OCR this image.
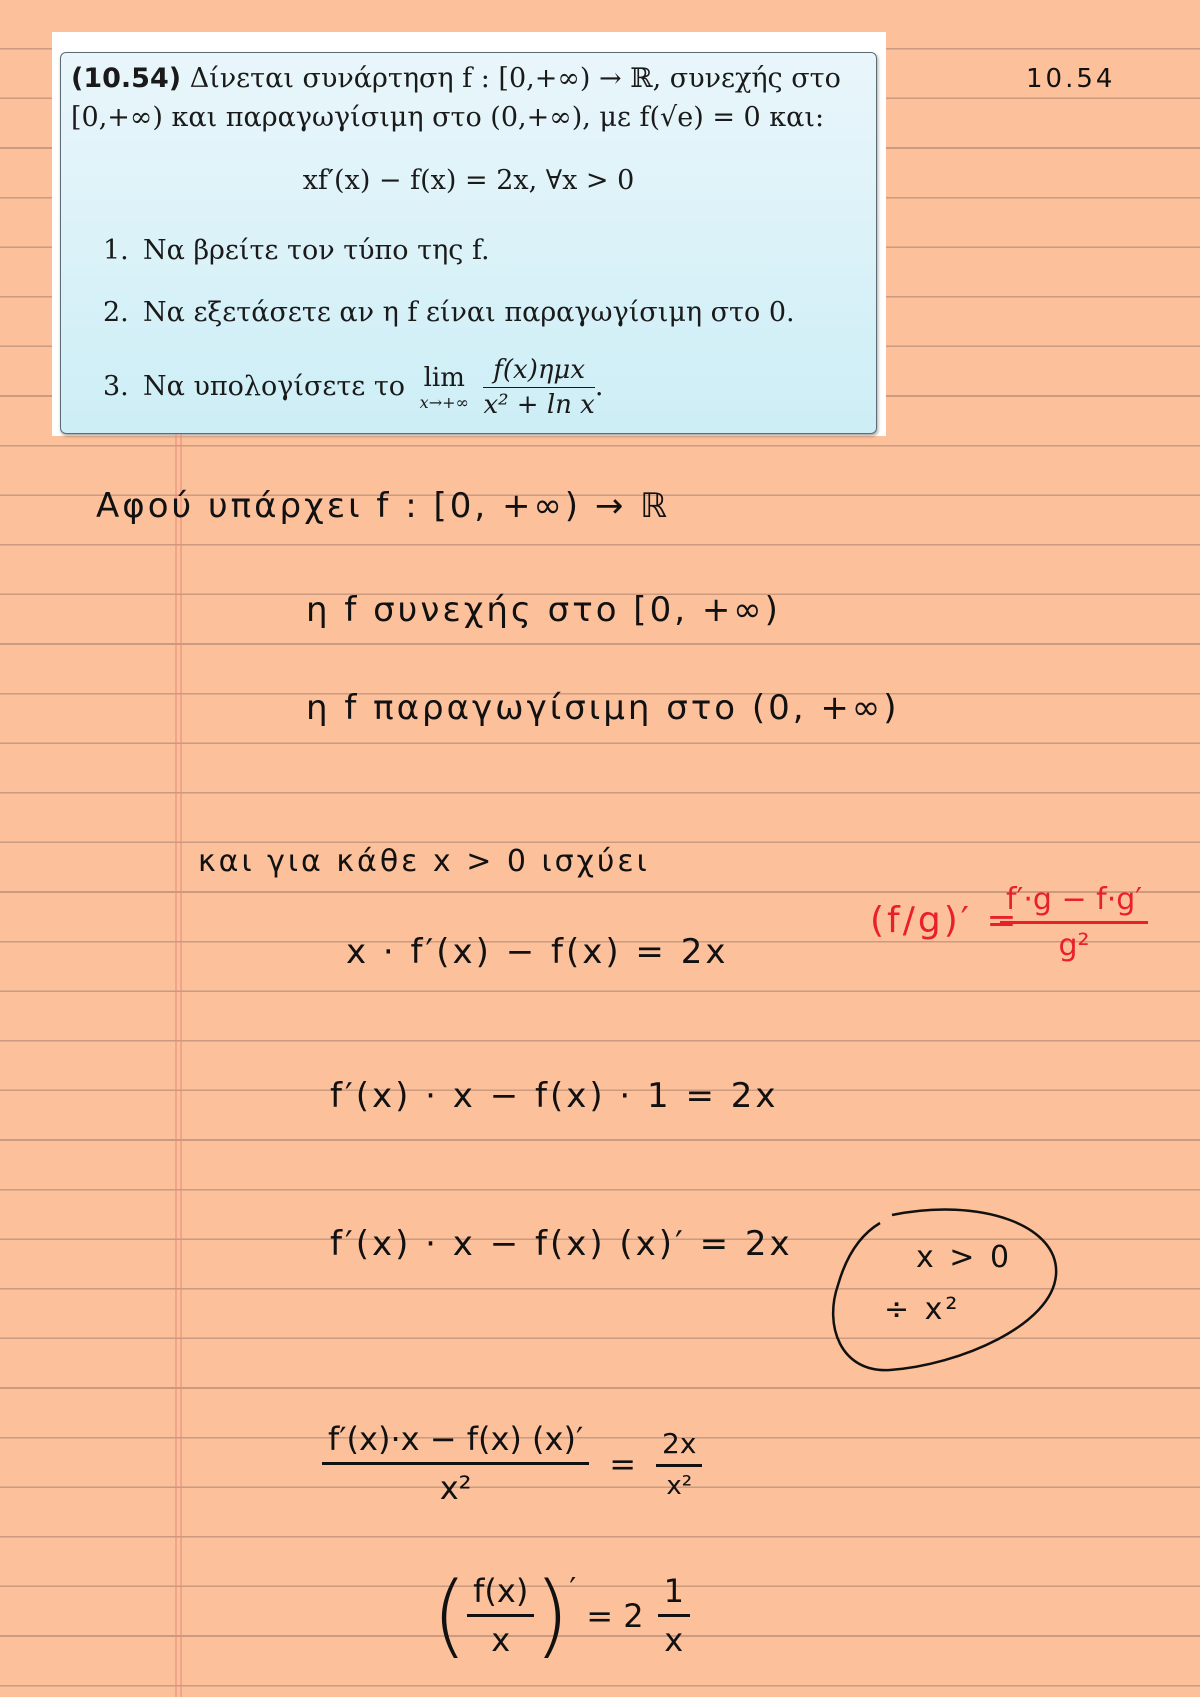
(10.54) Δίνεται συνάρτηση f : [0,+∞) → ℝ, συνεχής στο
[0,+∞) και παραγωγίσιμη στο (0,+∞), με f(√e) = 0 και:
xf′(x) − f(x) = 2x, ∀x > 0
1. Να βρείτε τον τύπο της f.
2. Να εξετάσετε αν η f είναι παραγωγίσιμη στο 0.
3. Να υπολογίσετε το lim
x→+∞
$\frac{\text{f(x)ημx}}{\text{x² + ln x}}$ .
10.54
Αφού υπάρχει f : [0, +∞) → ℝ
η f συνεχής στο [0, +∞)
η f παραγωγίσιμη στο (0, +∞)
και για κάθε x > 0 ισχύει
x · f′(x) − f(x) = 2x
f′(x) · x − f(x) · 1 = 2x
f′(x) · x − f(x) (x)′ = 2x	x > 0
÷ x²
(f/g)′ =
$\frac{f'\cdot g - f\cdot g'}{\text{g²}}$
$\frac{f'(x)\cdot x - f(x) (x)'}{\text{x²}} = \frac{2x}{\text{x²}}$
( $\frac{f(x)}{x}$ ) ′
= $2 \frac{1}{x}$
